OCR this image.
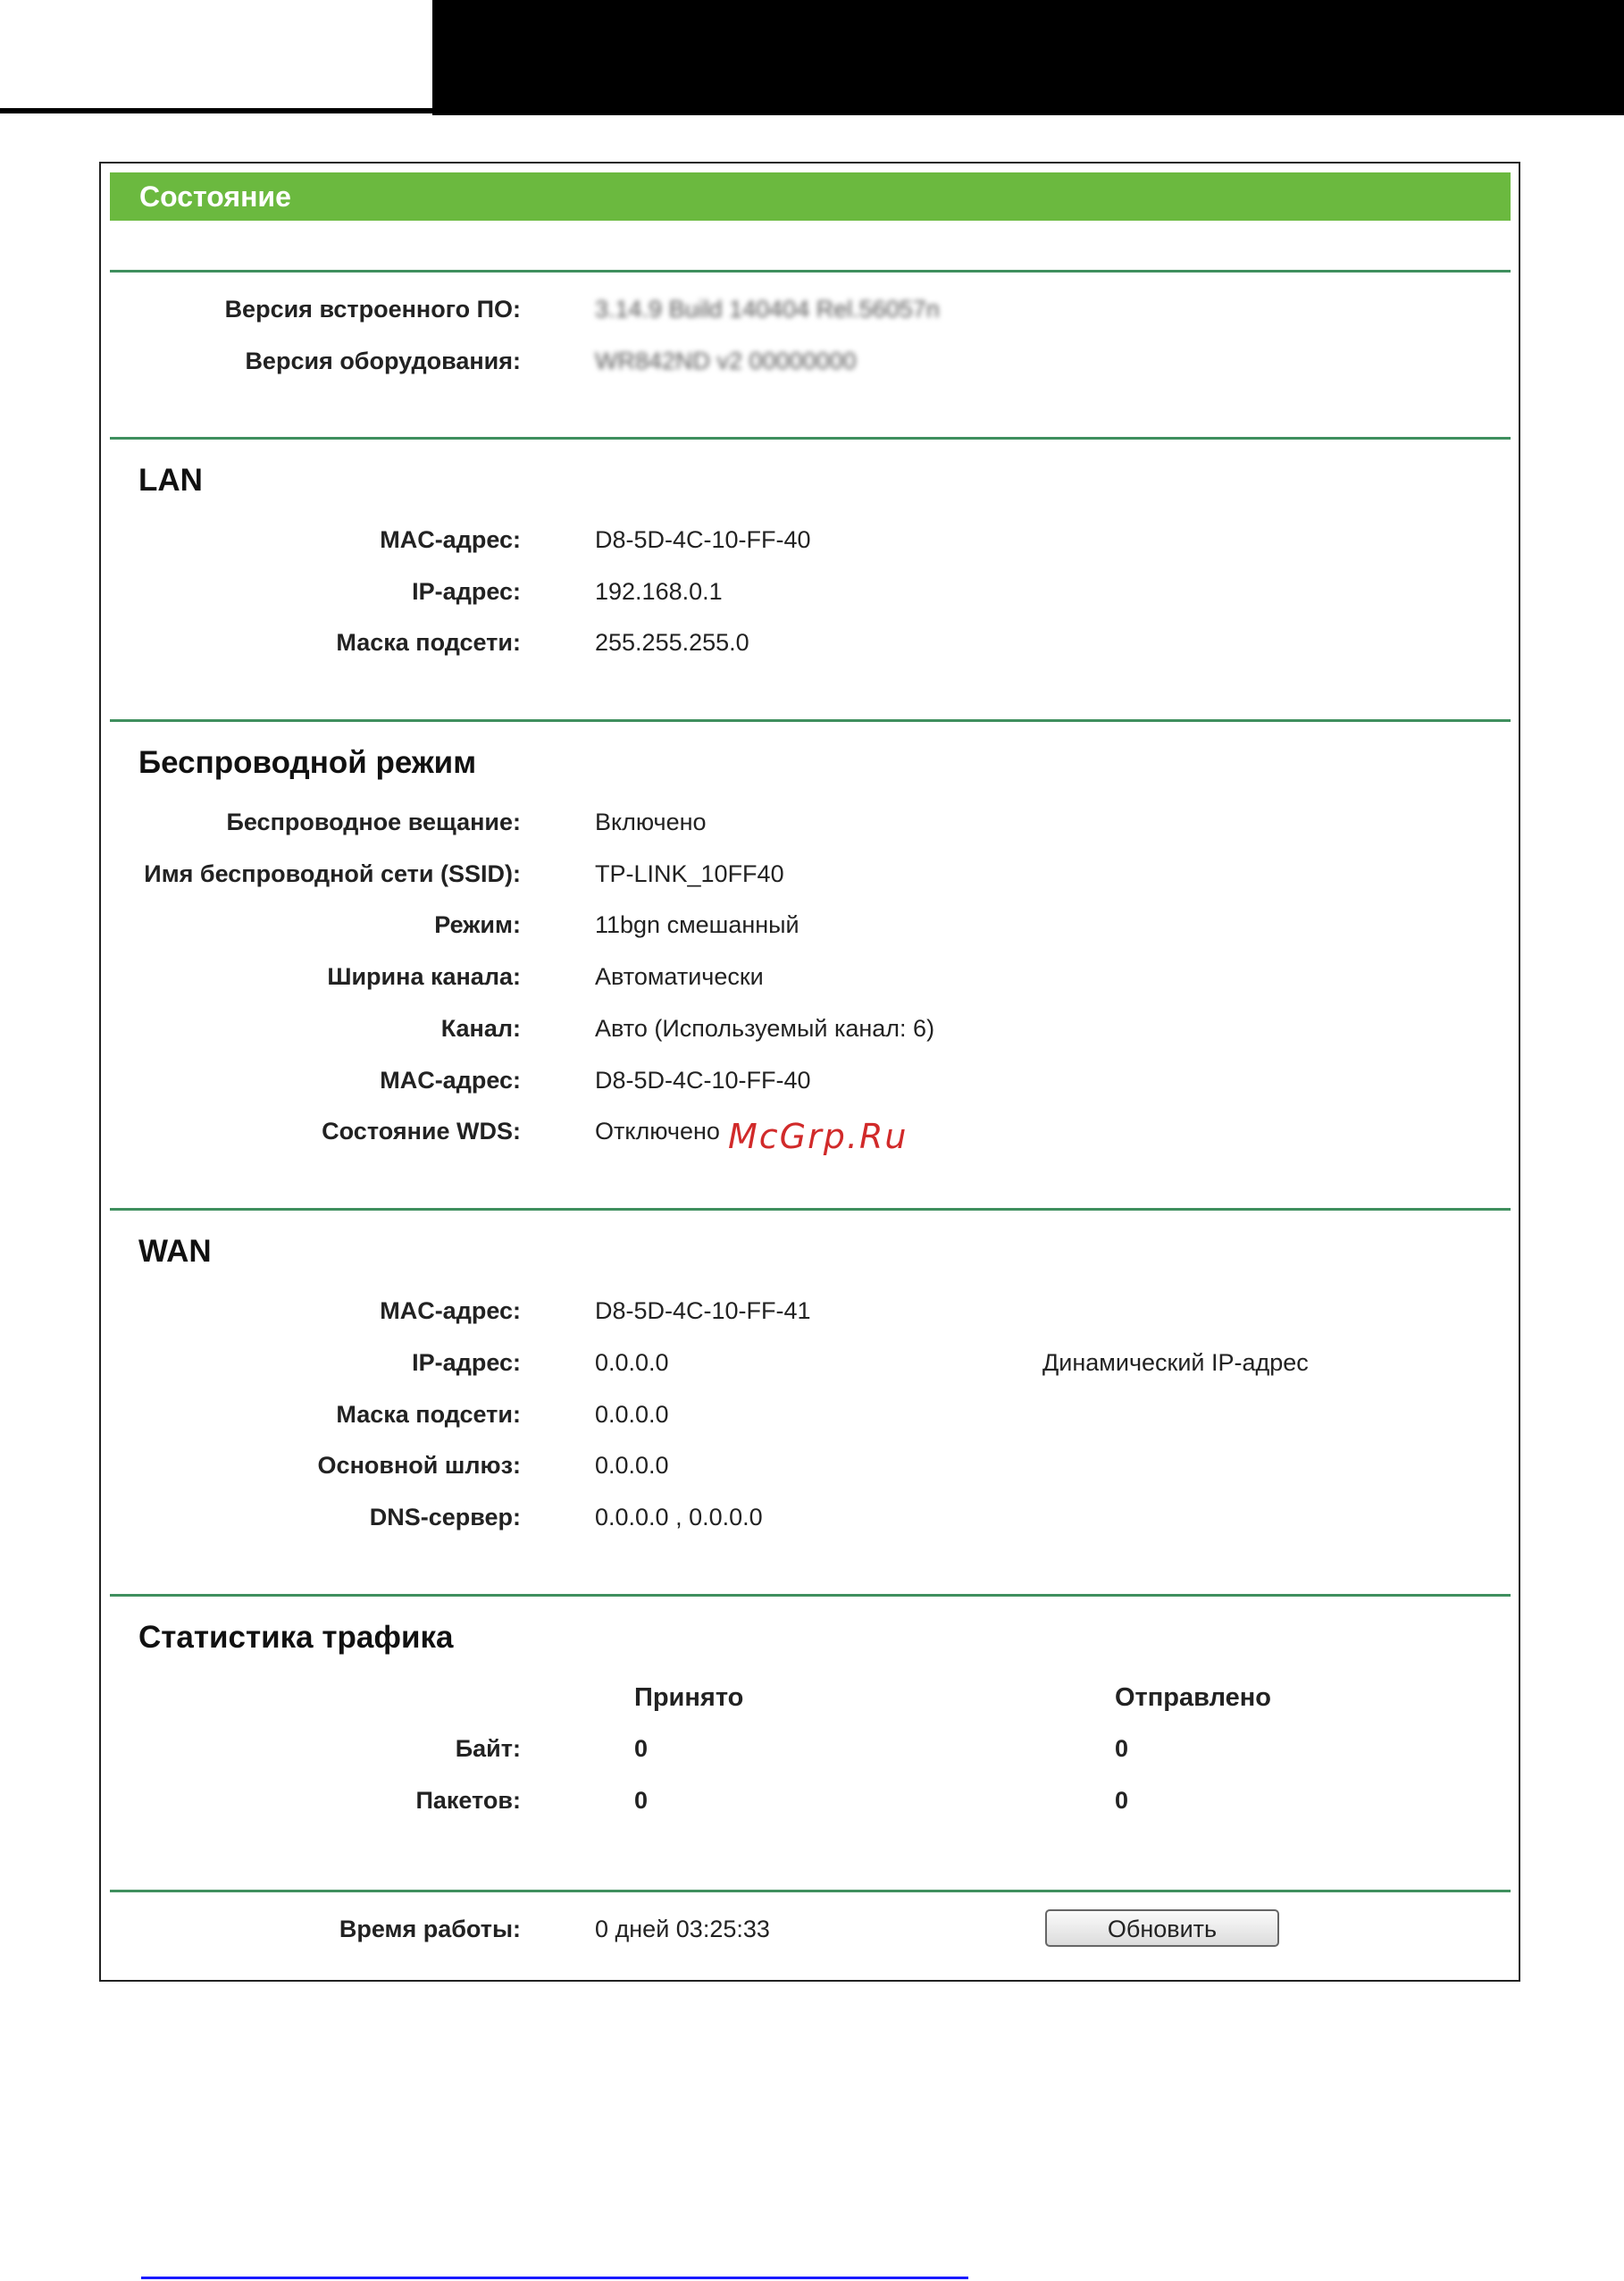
Состояние
Версия встроенного ПО:	3.14.9 Build 140404 Rel.56057n
Версия оборудования:	WR842ND v2 00000000
LAN
MAC-адрес:	D8-5D-4C-10-FF-40
IP-адрес:	192.168.0.1
Маска подсети:	255.255.255.0
Беспроводной режим
Беспроводное вещание:	Включено
Имя беспроводной сети (SSID):	TP-LINK_10FF40
Режим:	11bgn смешанный
Ширина канала:	Автоматически
Канал:	Авто (Используемый канал: 6)
MAC-адрес:	D8-5D-4C-10-FF-40
Состояние WDS:	Отключено
WAN
MAC-адрес:	D8-5D-4C-10-FF-41
IP-адрес:	0.0.0.0	Динамический IP-адрес
Маска подсети:	0.0.0.0
Основной шлюз:	0.0.0.0
DNS-сервер:	0.0.0.0 , 0.0.0.0
Статистика трафика
Принято	Отправлено
Байт:	0	0
Пакетов:	0	0
Время работы:	0 дней 03:25:33	Обновить
McGrp.Ru
